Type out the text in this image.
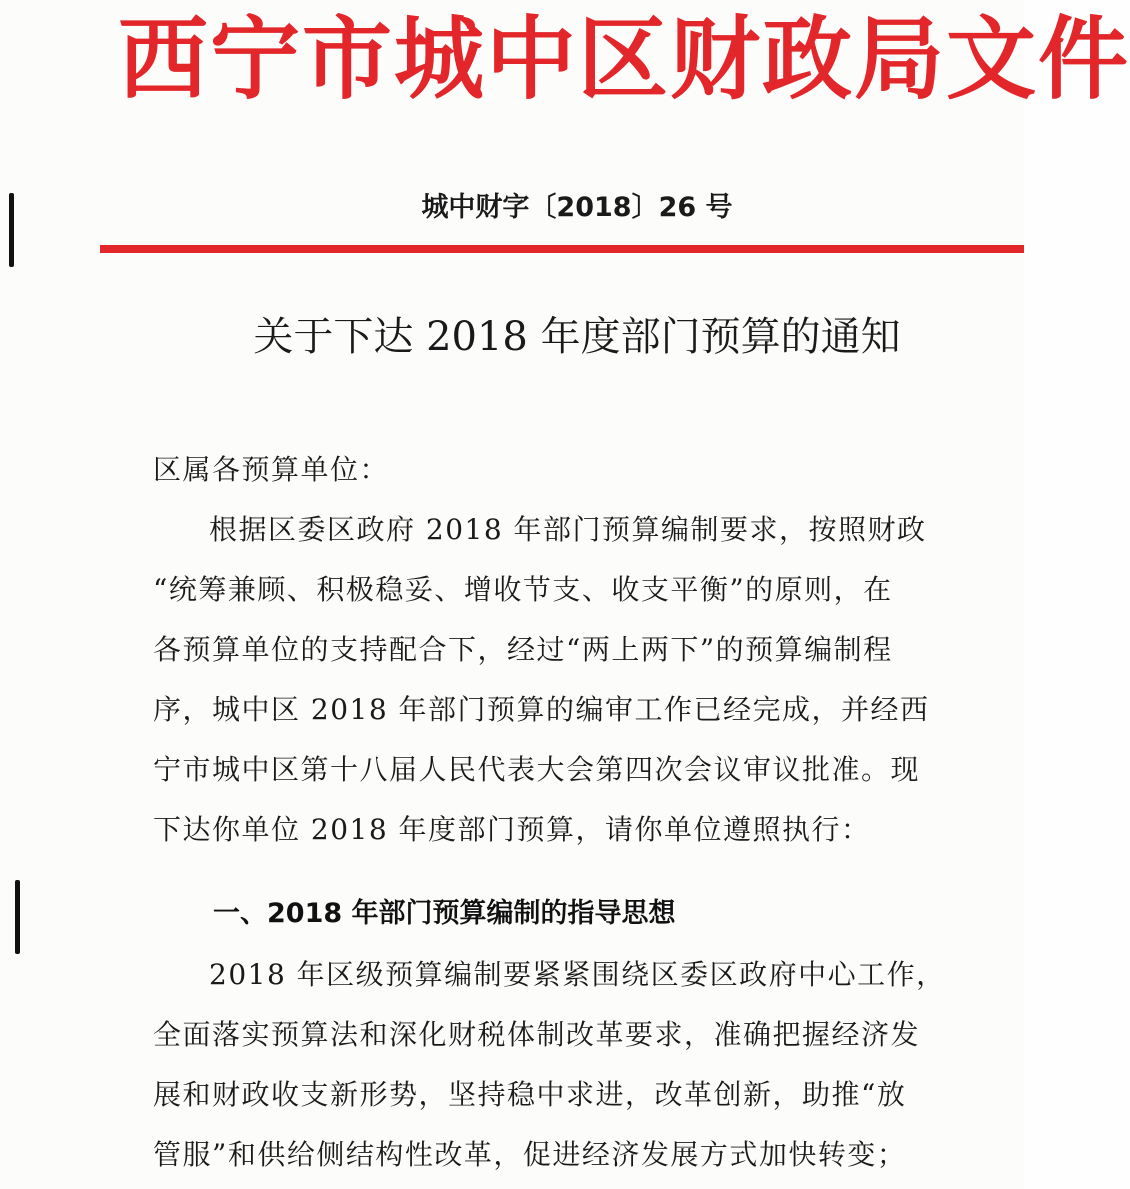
西宁市城中区财政局文件
城中财字〔2018〕26 号
关于下达 2018 年度部门预算的通知
区属各预算单位：
根据区委区政府 2018 年部门预算编制要求，按照财政
“统筹兼顾、积极稳妥、增收节支、收支平衡”的原则，在
各预算单位的支持配合下，经过“两上两下”的预算编制程
序，城中区 2018 年部门预算的编审工作已经完成，并经西
宁市城中区第十八届人民代表大会第四次会议审议批准。现
下达你单位 2018 年度部门预算，请你单位遵照执行：
一、2018 年部门预算编制的指导思想
2018 年区级预算编制要紧紧围绕区委区政府中心工作，
全面落实预算法和深化财税体制改革要求，准确把握经济发
展和财政收支新形势，坚持稳中求进，改革创新，助推“放
管服”和供给侧结构性改革，促进经济发展方式加快转变；
